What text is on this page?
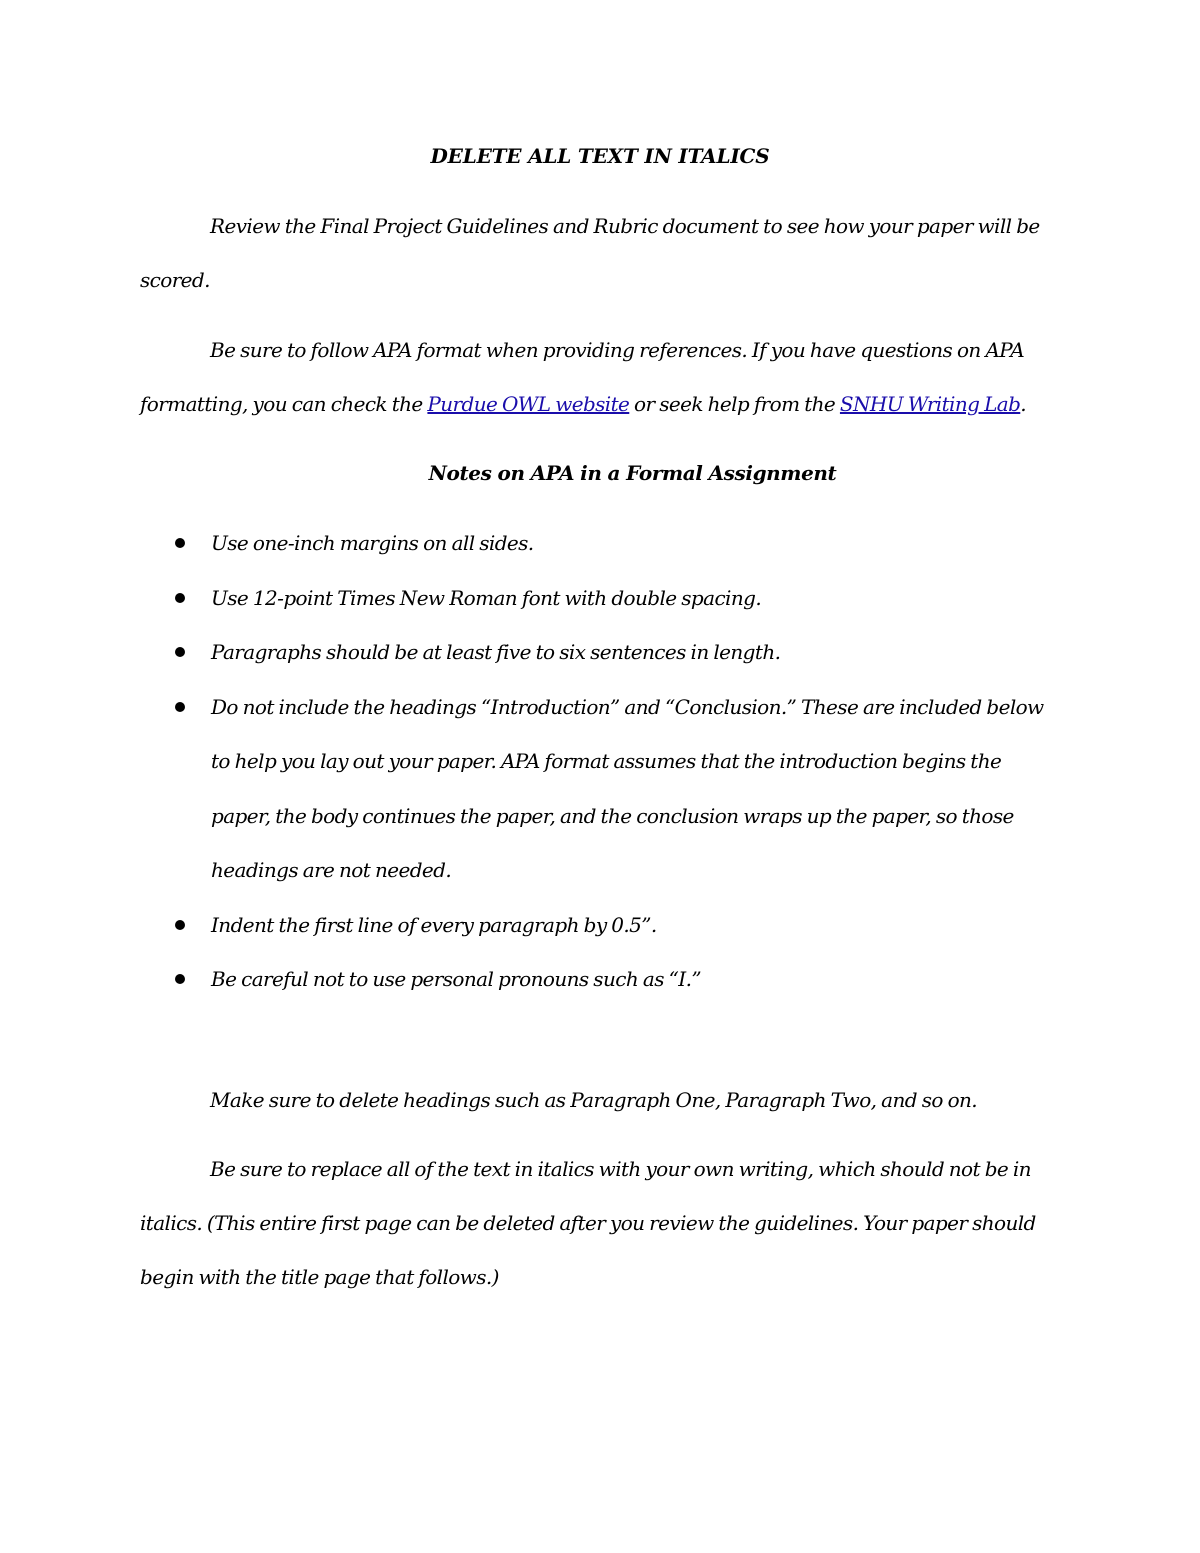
DELETE ALL TEXT IN ITALICS

Review the Final Project Guidelines and Rubric document to see how your paper will be scored.

Be sure to follow APA format when providing references. If you have questions on APA formatting, you can check the Purdue OWL website or seek help from the SNHU Writing Lab.

Notes on APA in a Formal Assignment
Use one-inch margins on all sides.
Use 12-point Times New Roman font with double spacing.
Paragraphs should be at least five to six sentences in length.
Do not include the headings “Introduction” and “Conclusion.” These are included below to help you lay out your paper. APA format assumes that the introduction begins the paper, the body continues the paper, and the conclusion wraps up the paper, so those headings are not needed.
Indent the first line of every paragraph by 0.5”.
Be careful not to use personal pronouns such as “I.”

Make sure to delete headings such as Paragraph One, Paragraph Two, and so on.

Be sure to replace all of the text in italics with your own writing, which should not be in italics. (This entire first page can be deleted after you review the guidelines. Your paper should begin with the title page that follows.)
